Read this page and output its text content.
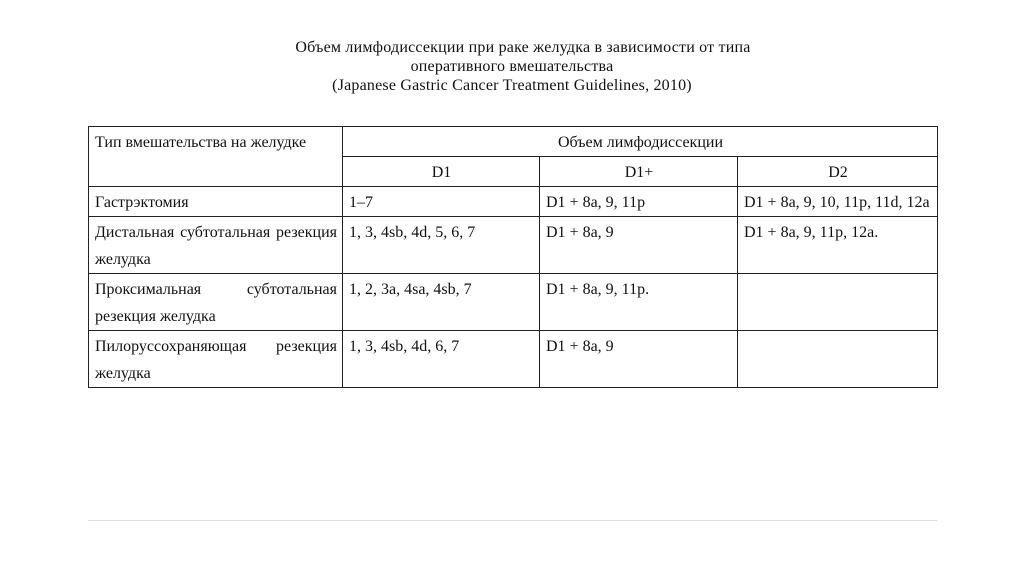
Объем лимфодиссекции при раке желудка в зависимости от типа
оперативного вмешательства
(Japanese Gastric Cancer Treatment Guidelines, 2010)
Тип вмешательства на желудке	Объем лимфодиссекции		
	D1	D1+	D2
Гастрэктомия	1–7	D1 + 8a, 9, 11p	D1 + 8a, 9, 10, 11p, 11d, 12a
Дистальная субтотальная резекция желудка	1, 3, 4sb, 4d, 5, 6, 7	D1 + 8a, 9	D1 + 8a, 9, 11p, 12a.
Проксимальная субтотальная резекция желудка	1, 2, 3a, 4sa, 4sb, 7	D1 + 8a, 9, 11p.	
Пилоруссохраняющая резекция желудка	1, 3, 4sb, 4d, 6, 7	D1 + 8a, 9	
